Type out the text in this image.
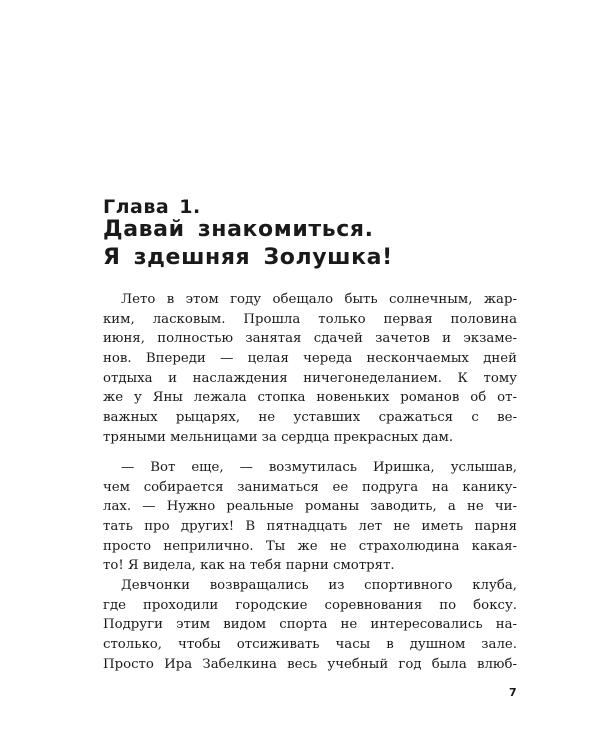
Глава 1.
Давай знакомиться.
Я здешняя Золушка!
Лето в этом году обещало быть солнечным, жар-
ким, ласковым. Прошла только первая половина
июня, полностью занятая сдачей зачетов и экзаме-
нов. Впереди — целая череда нескончаемых дней
отдыха и наслаждения ничегонеделанием. К тому
же у Яны лежала стопка новеньких романов об от-
важных рыцарях, не уставших сражаться с ве-
тряными мельницами за сердца прекрасных дам.
— Вот еще, — возмутилась Иришка, услышав,
чем собирается заниматься ее подруга на канику-
лах. — Нужно реальные романы заводить, а не чи-
тать про других! В пятнадцать лет не иметь парня
просто неприлично. Ты же не страхолюдина какая-
то! Я видела, как на тебя парни смотрят.
Девчонки возвращались из спортивного клуба,
где проходили городские соревнования по боксу.
Подруги этим видом спорта не интересовались на-
столько, чтобы отсиживать часы в душном зале.
Просто Ира Забелкина весь учебный год была влюб-
7
